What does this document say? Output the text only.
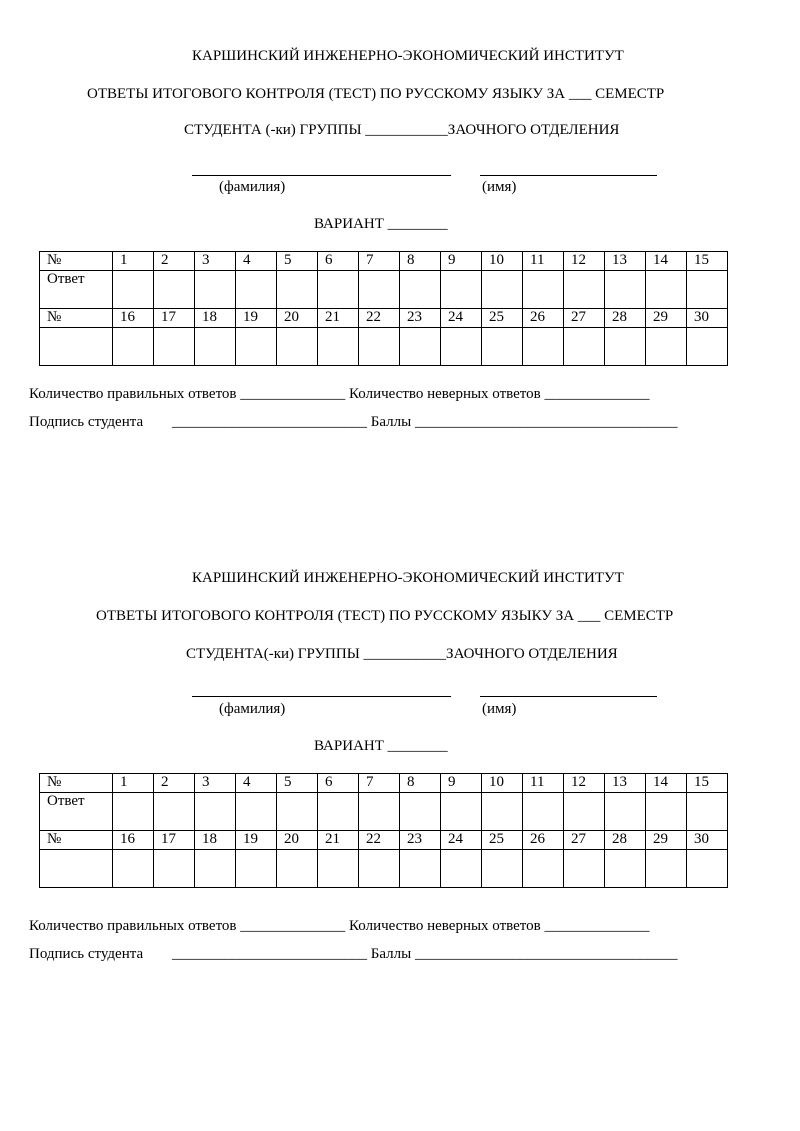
КАРШИНСКИЙ ИНЖЕНЕРНО-ЭКОНОМИЧЕСКИЙ ИНСТИТУТ
ОТВЕТЫ ИТОГОВОГО КОНТРОЛЯ (ТЕСТ) ПО РУССКОМУ ЯЗЫКУ ЗА ___ СЕМЕСТР
СТУДЕНТА (-ки) ГРУППЫ ___________ЗАОЧНОГО ОТДЕЛЕНИЯ
(фамилия)	(имя)
ВАРИАНТ ________
№	1	2	3	4	5	6	7	8	9	10	11	12	13	14	15
Ответ															
№	16	17	18	19	20	21	22	23	24	25	26	27	28	29	30

Количество правильных ответов ______________ Количество неверных ответов ______________
Подпись студента __________________________ Баллы ___________________________________
КАРШИНСКИЙ ИНЖЕНЕРНО-ЭКОНОМИЧЕСКИЙ ИНСТИТУТ
ОТВЕТЫ ИТОГОВОГО КОНТРОЛЯ (ТЕСТ) ПО РУССКОМУ ЯЗЫКУ ЗА ___ СЕМЕСТР
СТУДЕНТА(-ки) ГРУППЫ ___________ЗАОЧНОГО ОТДЕЛЕНИЯ
(фамилия)	(имя)
ВАРИАНТ ________
№	1	2	3	4	5	6	7	8	9	10	11	12	13	14	15
Ответ															
№	16	17	18	19	20	21	22	23	24	25	26	27	28	29	30

Количество правильных ответов ______________ Количество неверных ответов ______________
Подпись студента __________________________ Баллы ___________________________________
